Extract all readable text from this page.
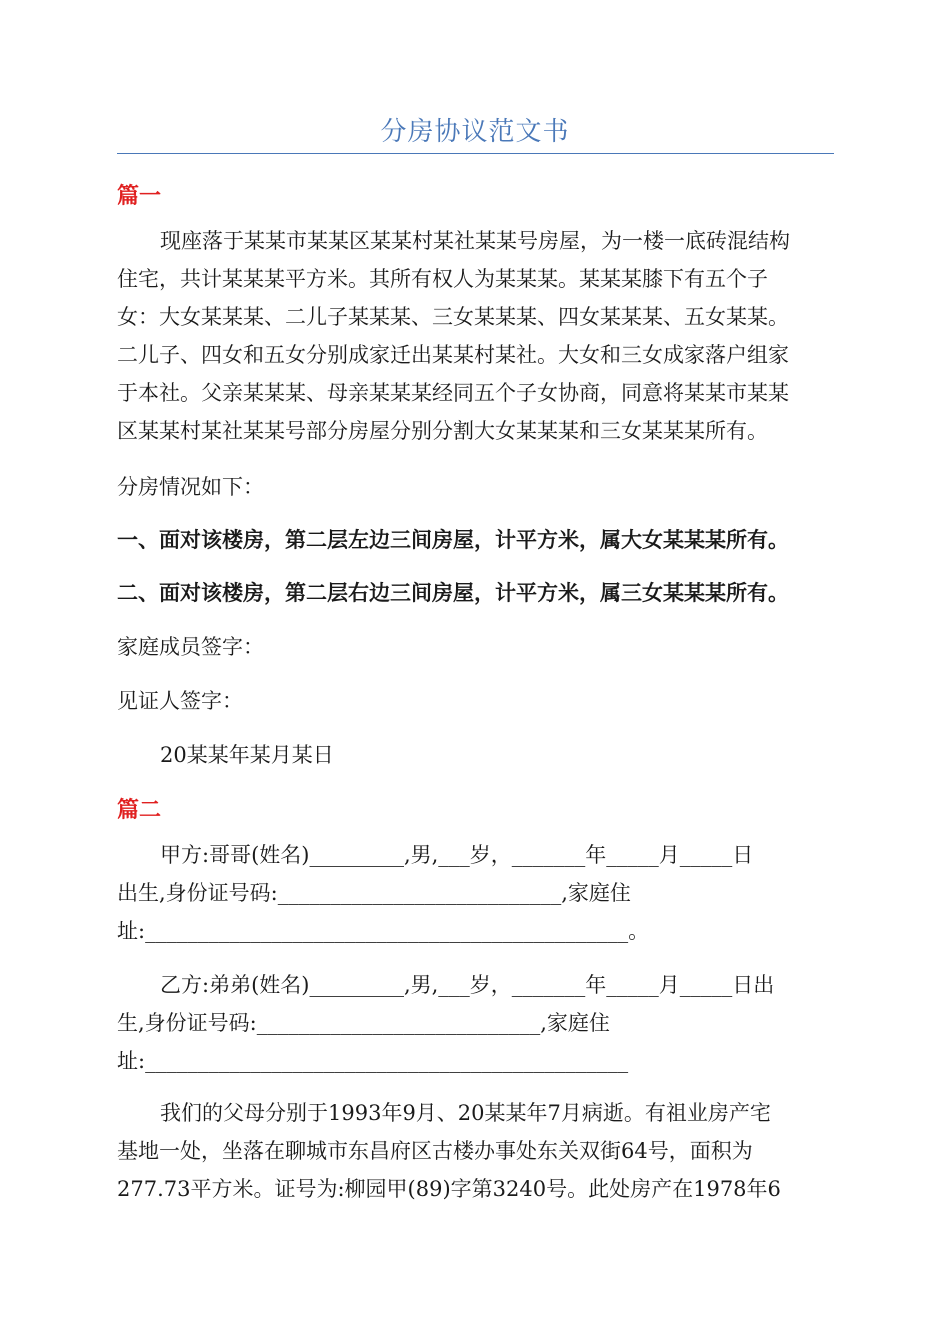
分房协议范文书
篇一
现座落于某某市某某区某某村某社某某号房屋，为一楼一底砖混结构
住宅，共计某某某平方米。其所有权人为某某某。某某某膝下有五个子
女：大女某某某、二儿子某某某、三女某某某、四女某某某、五女某某。
二儿子、四女和五女分别成家迁出某某村某社。大女和三女成家落户组家
于本社。父亲某某某、母亲某某某经同五个子女协商，同意将某某市某某
区某某村某社某某号部分房屋分别分割大女某某某和三女某某某所有。
分房情况如下：
一、面对该楼房，第二层左边三间房屋，计平方米，属大女某某某所有。
二、面对该楼房，第二层右边三间房屋，计平方米，属三女某某某所有。
家庭成员签字：
见证人签字：
20某某年某月某日
篇二
甲方:哥哥(姓名)_________,男,___岁，_______年_____月_____日
出生,身份证号码:___________________________,家庭住
址:______________________________________________。
乙方:弟弟(姓名)_________,男,___岁，_______年_____月_____日出
生,身份证号码:___________________________,家庭住
址:______________________________________________
我们的父母分别于1993年9月、20某某年7月病逝。有祖业房产宅
基地一处，坐落在聊城市东昌府区古楼办事处东关双街64号，面积为
277.73平方米。证号为:柳园甲(89)字第3240号。此处房产在1978年6
